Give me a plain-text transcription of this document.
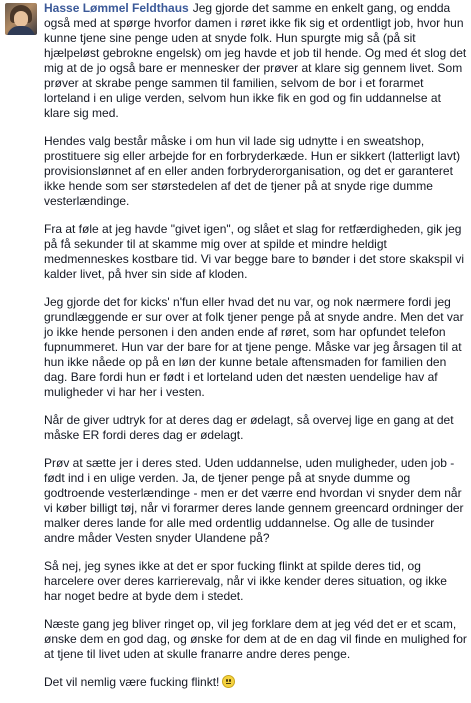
Hasse Lømmel Feldthaus Jeg gjorde det samme en enkelt gang, og endda også med at spørge hvorfor damen i røret ikke fik sig et ordentligt job, hvor hun kunne tjene sine penge uden at snyde folk. Hun spurgte mig så (på sit hjælpeløst gebrokne engelsk) om jeg havde et job til hende. Og med ét slog det mig at de jo også bare er mennesker der prøver at klare sig gennem livet. Som prøver at skrabe penge sammen til familien, selvom de bor i et forarmet lorteland i en ulige verden, selvom hun ikke fik en god og fin uddannelse at klare sig med.

Hendes valg består måske i om hun vil lade sig udnytte i en sweatshop, prostituere sig eller arbejde for en forbryderkæde. Hun er sikkert (latterligt lavt) provisionslønnet af en eller anden forbryderorganisation, og det er garanteret ikke hende som ser størstedelen af det de tjener på at snyde rige dumme vesterlændinge.

Fra at føle at jeg havde "givet igen", og slået et slag for retfærdigheden, gik jeg på få sekunder til at skamme mig over at spilde et mindre heldigt medmenneskes kostbare tid. Vi var begge bare to bønder i det store skakspil vi kalder livet, på hver sin side af kloden.

Jeg gjorde det for kicks' n'fun eller hvad det nu var, og nok nærmere fordi jeg grundlæggende er sur over at folk tjener penge på at snyde andre. Men det var jo ikke hende personen i den anden ende af røret, som har opfundet telefon fupnummeret. Hun var der bare for at tjene penge. Måske var jeg årsagen til at hun ikke nåede op på en løn der kunne betale aftensmaden for familien den dag. Bare fordi hun er født i et lorteland uden det næsten uendelige hav af muligheder vi har her i vesten.

Når de giver udtryk for at deres dag er ødelagt, så overvej lige en gang at det måske ER fordi deres dag er ødelagt.

Prøv at sætte jer i deres sted. Uden uddannelse, uden muligheder, uden job - født ind i en ulige verden. Ja, de tjener penge på at snyde dumme og godtroende vesterlændinge - men er det værre end hvordan vi snyder dem når vi køber billigt tøj, når vi forarmer deres lande gennem greencard ordninger der malker deres lande for alle med ordentlig uddannelse. Og alle de tusinder andre måder Vesten snyder Ulandene på?

Så nej, jeg synes ikke at det er spor fucking flinkt at spilde deres tid, og harcelere over deres karrierevalg, når vi ikke kender deres situation, og ikke har noget bedre at byde dem i stedet.

Næste gang jeg bliver ringet op, vil jeg forklare dem at jeg véd det er et scam, ønske dem en god dag, og ønske for dem at de en dag vil finde en mulighed for at tjene til livet uden at skulle franarre andre deres penge.

Det vil nemlig være fucking flinkt!
